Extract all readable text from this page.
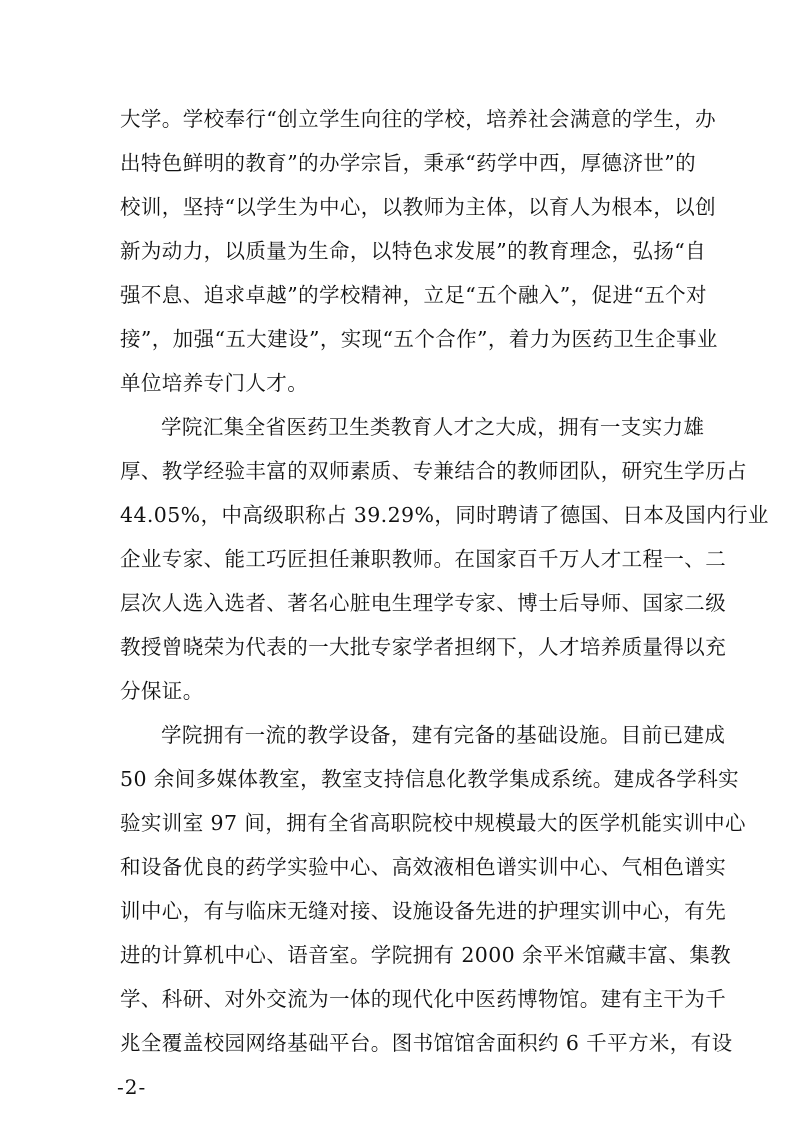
大学。学校奉行“创立学生向往的学校，培养社会满意的学生，办
出特色鲜明的教育”的办学宗旨，秉承“药学中西，厚德济世”的
校训，坚持“以学生为中心，以教师为主体，以育人为根本，以创
新为动力，以质量为生命，以特色求发展”的教育理念，弘扬“自
强不息、追求卓越”的学校精神，立足“五个融入”，促进“五个对
接”，加强“五大建设”，实现“五个合作”，着力为医药卫生企事业
单位培养专门人才。
学院汇集全省医药卫生类教育人才之大成，拥有一支实力雄
厚、教学经验丰富的双师素质、专兼结合的教师团队，研究生学历占
44.05%，中高级职称占 39.29%，同时聘请了德国、日本及国内行业
企业专家、能工巧匠担任兼职教师。在国家百千万人才工程一、二
层次人选入选者、著名心脏电生理学专家、博士后导师、国家二级
教授曾晓荣为代表的一大批专家学者担纲下，人才培养质量得以充
分保证。
学院拥有一流的教学设备，建有完备的基础设施。目前已建成
50 余间多媒体教室，教室支持信息化教学集成系统。建成各学科实
验实训室 97 间，拥有全省高职院校中规模最大的医学机能实训中心
和设备优良的药学实验中心、高效液相色谱实训中心、气相色谱实
训中心，有与临床无缝对接、设施设备先进的护理实训中心，有先
进的计算机中心、语音室。学院拥有 2000 余平米馆藏丰富、集教
学、科研、对外交流为一体的现代化中医药博物馆。建有主干为千
兆全覆盖校园网络基础平台。图书馆馆舍面积约 6 千平方米，有设
-2-
